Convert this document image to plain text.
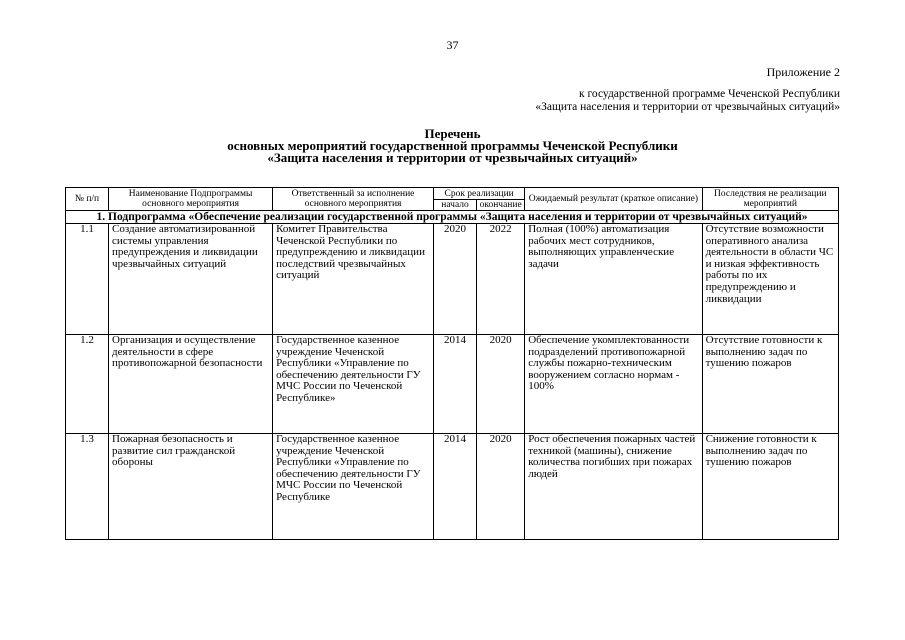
37
Приложение 2
к государственной программе Чеченской Республики
«Защита населения и территории от чрезвычайных ситуаций»
Перечень
основных мероприятий государственной программы Чеченской Республики
«Защита населения и территории от чрезвычайных ситуаций»
№ п/п	Наименование Подпрограммы основного мероприятия	Ответственный за исполнение основного мероприятия	Срок реализации		Ожидаемый результат (краткое описание)	Последствия не реализации мероприятий
			начало	окончание		
1. Подпрограмма «Обеспечение реализации государственной программы «Защита населения и территории от чрезвычайных ситуаций»						
1.1	Создание автоматизированной системы управления предупреждения и ликвидации чрезвычайных ситуаций	Комитет Правительства Чеченской Республики по предупреждению и ликвидации последствий чрезвычайных ситуаций	2020	2022	Полная (100%) автоматизация рабочих мест сотрудников, выполняющих управленческие задачи	Отсутствие возможности оперативного анализа деятельности в области ЧС и низкая эффективность работы по их предупреждению и ликвидации
1.2	Организация и осуществление деятельности в сфере противопожарной безопасности	Государственное казенное учреждение Чеченской Республики «Управление по обеспечению деятельности ГУ МЧС России по Чеченской Республике»	2014	2020	Обеспечение укомплектованности подразделений противопожарной службы пожарно-техническим вооружением согласно нормам - 100%	Отсутствие готовности к выполнению задач по тушению пожаров
1.3	Пожарная безопасность и развитие сил гражданской обороны	Государственное казенное учреждение Чеченской Республики «Управление по обеспечению деятельности ГУ МЧС России по Чеченской Республике	2014	2020	Рост обеспечения пожарных частей техникой (машины), снижение количества погибших при пожарах людей	Снижение готовности к выполнению задач по тушению пожаров
